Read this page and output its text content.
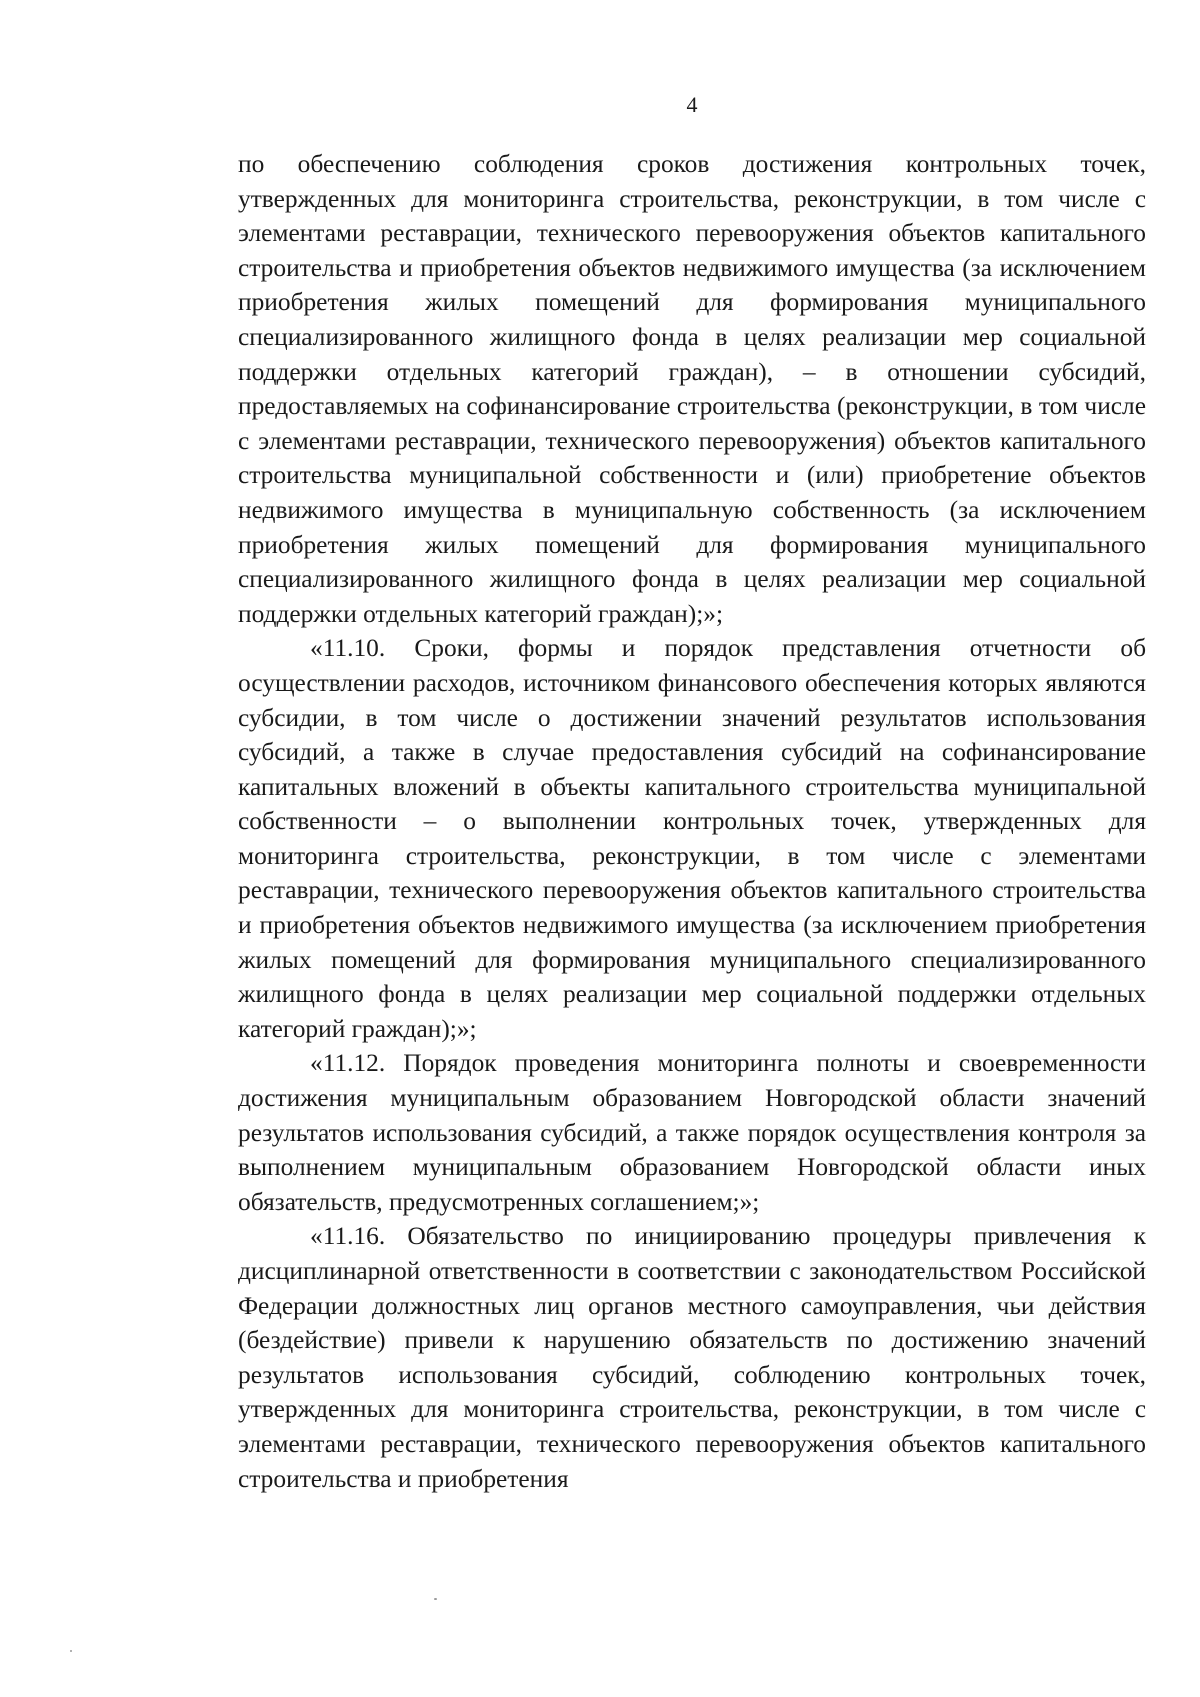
4

по обеспечению соблюдения сроков достижения контрольных точек, утвержденных для мониторинга строительства, реконструкции, в том числе с элементами реставрации, технического перевооружения объектов капитального строительства и приобретения объектов недвижимого имущества (за исключением приобретения жилых помещений для формирования муниципального специализированного жилищного фонда в целях реализации мер социальной поддержки отдельных категорий граждан), – в отношении субсидий, предоставляемых на софинансирование строительства (реконструкции, в том числе с элементами реставрации, технического перевооружения) объектов капитального строительства муниципальной собственности и (или) приобретение объектов недвижимого имущества в муниципальную собственность (за исключением приобретения жилых помещений для формирования муниципального специализированного жилищного фонда в целях реализации мер социальной поддержки отдельных категорий граждан);»;

«11.10. Сроки, формы и порядок представления отчетности об осуществлении расходов, источником финансового обеспечения которых являются субсидии, в том числе о достижении значений результатов использования субсидий, а также в случае предоставления субсидий на софинансирование капитальных вложений в объекты капитального строительства муниципальной собственности – о выполнении контрольных точек, утвержденных для мониторинга строительства, реконструкции, в том числе с элементами реставрации, технического перевооружения объектов капитального строительства и приобретения объектов недвижимого имущества (за исключением приобретения жилых помещений для формирования муниципального специализированного жилищного фонда в целях реализации мер социальной поддержки отдельных категорий граждан);»;

«11.12. Порядок проведения мониторинга полноты и своевременности достижения муниципальным образованием Новгородской области значений результатов использования субсидий, а также порядок осуществления контроля за выполнением муниципальным образованием Новгородской области иных обязательств, предусмотренных соглашением;»;

«11.16. Обязательство по инициированию процедуры привлечения к дисциплинарной ответственности в соответствии с законодательством Российской Федерации должностных лиц органов местного самоуправления, чьи действия (бездействие) привели к нарушению обязательств по достижению значений результатов использования субсидий, соблюдению контрольных точек, утвержденных для мониторинга строительства, реконструкции, в том числе с элементами реставрации, технического перевооружения объектов капитального строительства и приобретения
